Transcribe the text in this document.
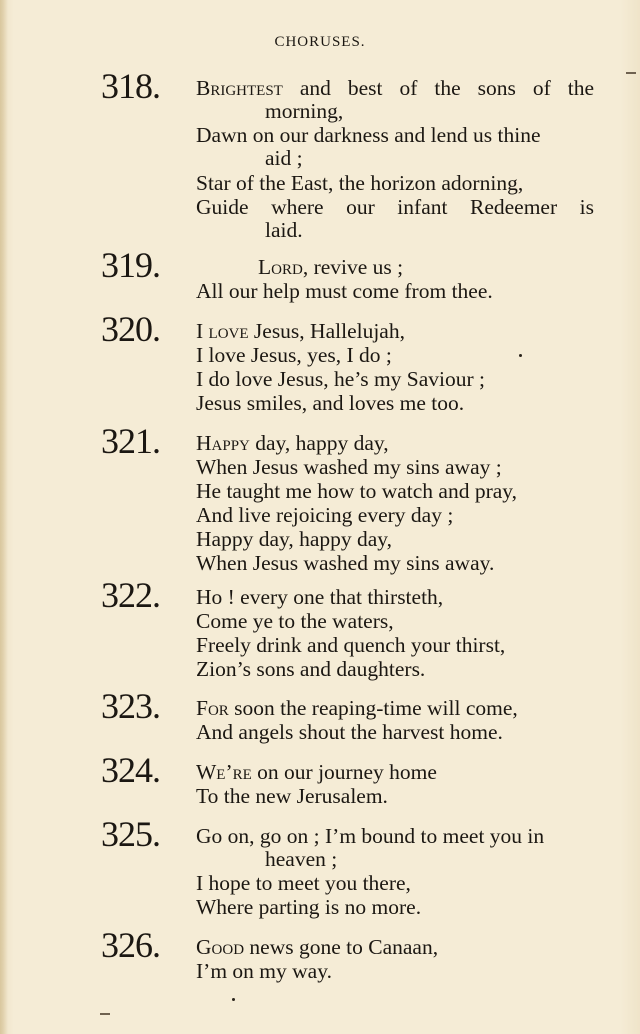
CHORUSES.
318. Brightest and best of the sons of the
morning,
Dawn on our darkness and lend us thine
aid ;
Star of the East, the horizon adorning,
Guide where our infant Redeemer is
laid.
319.	Lord, revive us ;
All our help must come from thee.
320. I love Jesus, Hallelujah,
I love Jesus, yes, I do ;
I do love Jesus, he’s my Saviour ;
Jesus smiles, and loves me too.
321. Happy day, happy day,
When Jesus washed my sins away ;
He taught me how to watch and pray,
And live rejoicing every day ;
Happy day, happy day,
When Jesus washed my sins away.
322. Ho ! every one that thirsteth,
Come ye to the waters,
Freely drink and quench your thirst,
Zion’s sons and daughters.
323. For soon the reaping-time will come,
And angels shout the harvest home.
324. We’re on our journey home
To the new Jerusalem.
325. Go on, go on ; I’m bound to meet you in
heaven ;
I hope to meet you there,
Where parting is no more.
326. Good news gone to Canaan,
I’m on my way.
